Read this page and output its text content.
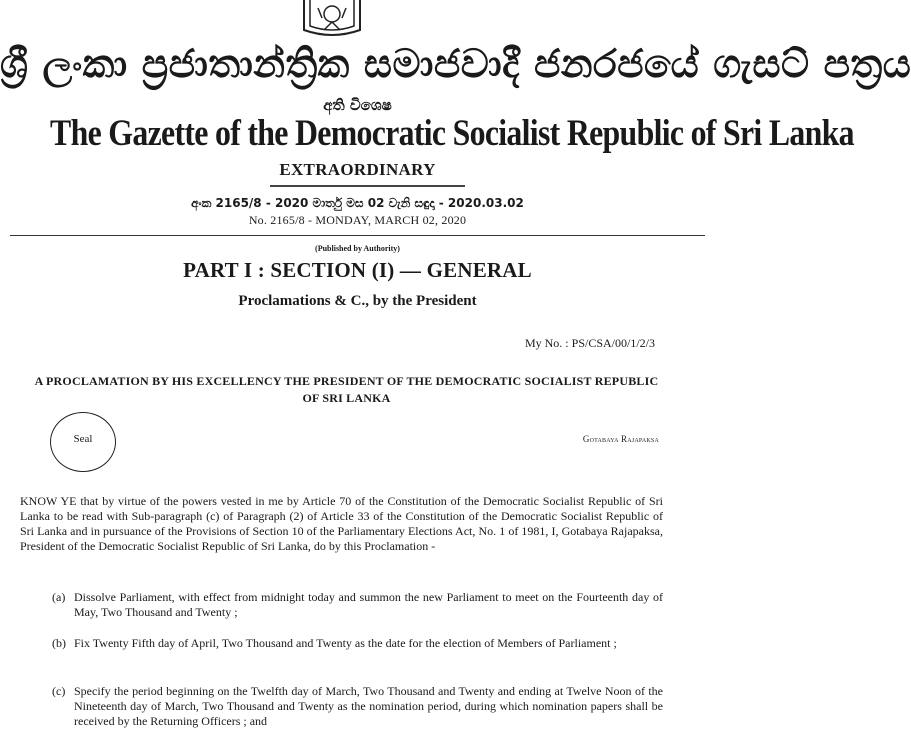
ශ්‍රී ලංකා ප්‍රජාතාන්ත්‍රික සමාජවාදී ජනරජයේ ගැසට් පත්‍රය
අති විශෙෂ
The Gazette of the Democratic Socialist Republic of Sri Lanka
EXTRAORDINARY
අංක 2165/8 - 2020 මාර්තු මස 02 වැනි සඳුදා - 2020.03.02
No. 2165/8 - MONDAY, MARCH 02, 2020
(Published by Authority)
PART I : SECTION (I) — GENERAL
Proclamations & C., by the President
My No. : PS/CSA/00/1/2/3
A PROCLAMATION BY HIS EXCELLENCY THE PRESIDENT OF THE DEMOCRATIC SOCIALIST REPUBLIC OF SRI LANKA
Seal	Gotabaya Rajapaksa
KNOW YE that by virtue of the powers vested in me by Article 70 of the Constitution of the Democratic Socialist Republic of Sri Lanka to be read with Sub-paragraph (c) of Paragraph (2) of Article 33 of the Constitution of the Democratic Socialist Republic of Sri Lanka and in pursuance of the Provisions of Section 10 of the Parliamentary Elections Act, No. 1 of 1981, I, Gotabaya Rajapaksa, President of the Democratic Socialist Republic of Sri Lanka, do by this Proclamation -
(a) Dissolve Parliament, with effect from midnight today and summon the new Parliament to meet on the Fourteenth day of May, Two Thousand and Twenty ;
(b) Fix Twenty Fifth day of April, Two Thousand and Twenty as the date for the election of Members of Parliament ;
(c) Specify the period beginning on the Twelfth day of March, Two Thousand and Twenty and ending at Twelve Noon of the Nineteenth day of March, Two Thousand and Twenty as the nomination period, during which nomination papers shall be received by the Returning Officers ; and
